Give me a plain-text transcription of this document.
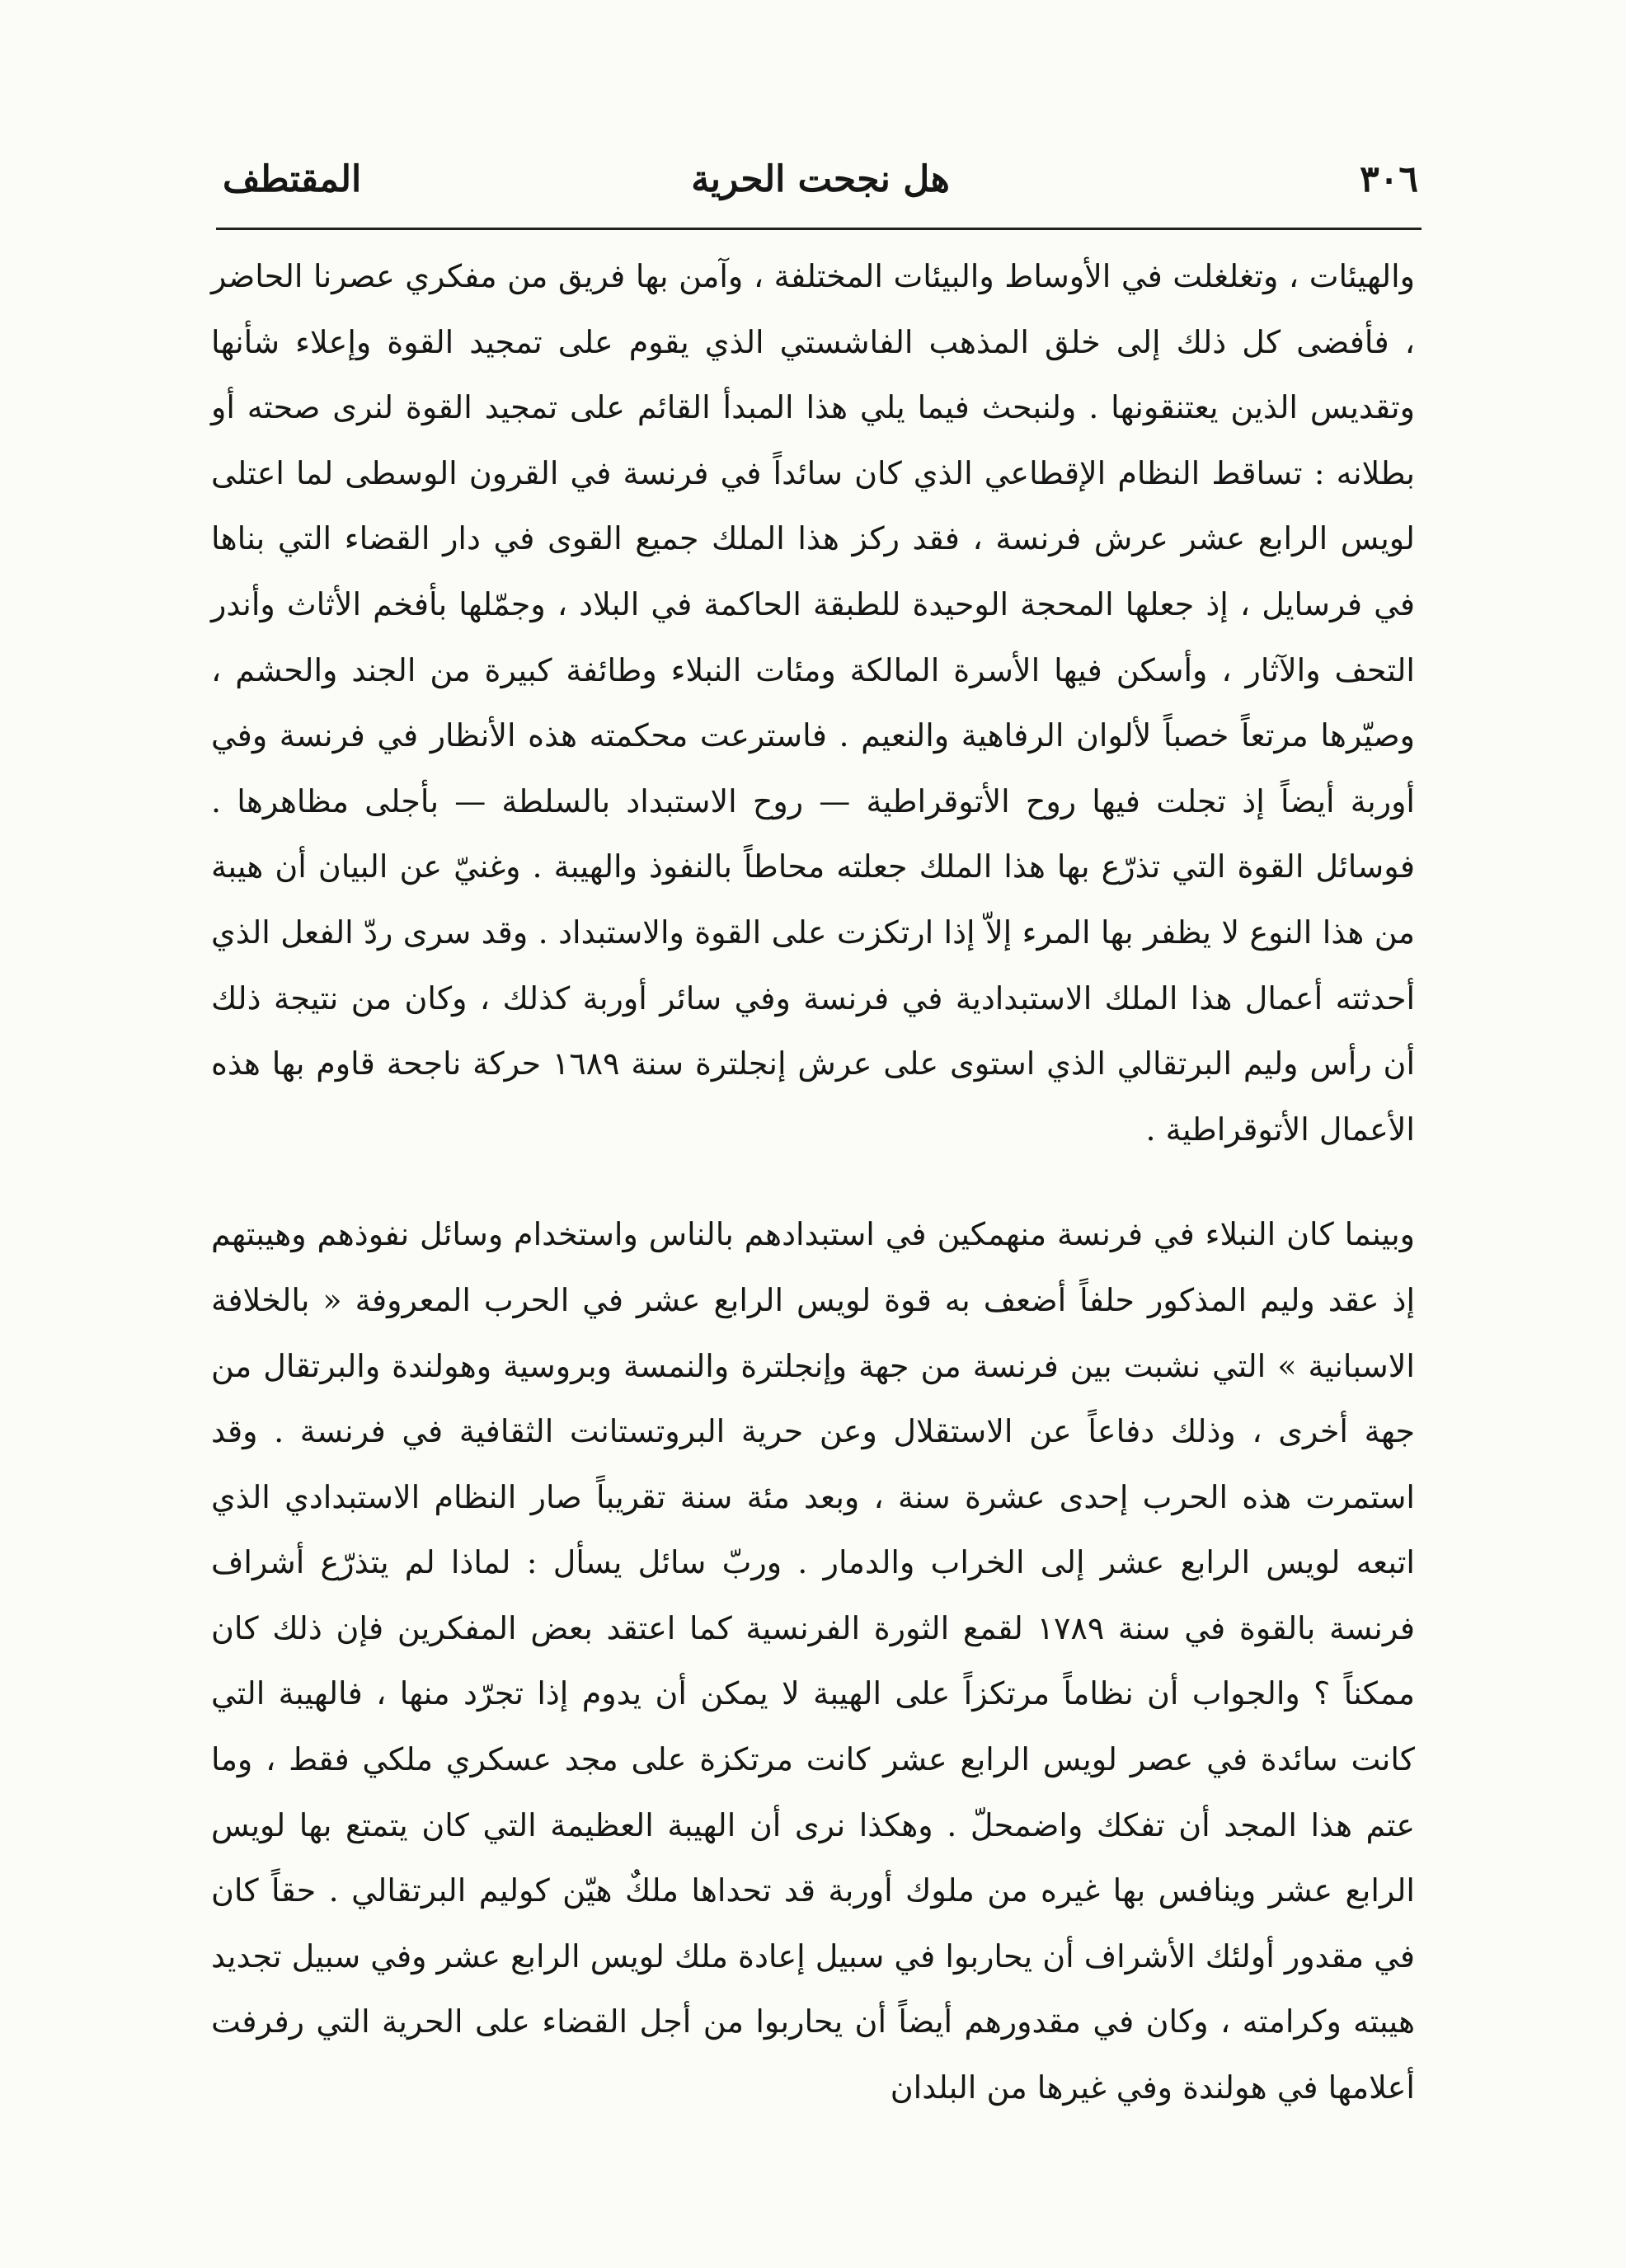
٣٠٦
هل نجحت الحرية
المقتطف

والهيئات ، وتغلغلت في الأوساط والبيئات المختلفة ، وآمن بها فريق من مفكري عصرنا الحاضر ، فأفضى كل ذلك إلى خلق المذهب الفاشستي الذي يقوم على تمجيد القوة وإعلاء شأنها وتقديس الذين يعتنقونها . ولنبحث فيما يلي هذا المبدأ القائم على تمجيد القوة لنرى صحته أو بطلانه : تساقط النظام الإقطاعي الذي كان سائداً في فرنسة في القرون الوسطى لما اعتلى لويس الرابع عشر عرش فرنسة ، فقد ركز هذا الملك جميع القوى في دار القضاء التي بناها في فرسايل ، إذ جعلها المحجة الوحيدة للطبقة الحاكمة في البلاد ، وجمّلها بأفخم الأثاث وأندر التحف والآثار ، وأسكن فيها الأسرة المالكة ومئات النبلاء وطائفة كبيرة من الجند والحشم ، وصيّرها مرتعاً خصباً لألوان الرفاهية والنعيم . فاسترعت محكمته هذه الأنظار في فرنسة وفي أوربة أيضاً إذ تجلت فيها روح الأتوقراطية — روح الاستبداد بالسلطة — بأجلى مظاهرها . فوسائل القوة التي تذرّع بها هذا الملك جعلته محاطاً بالنفوذ والهيبة . وغنيّ عن البيان أن هيبة من هذا النوع لا يظفر بها المرء إلاّ إذا ارتكزت على القوة والاستبداد . وقد سرى ردّ الفعل الذي أحدثته أعمال هذا الملك الاستبدادية في فرنسة وفي سائر أوربة كذلك ، وكان من نتيجة ذلك أن رأس وليم البرتقالي الذي استوى على عرش إنجلترة سنة ١٦٨٩ حركة ناجحة قاوم بها هذه الأعمال الأتوقراطية .

وبينما كان النبلاء في فرنسة منهمكين في استبدادهم بالناس واستخدام وسائل نفوذهم وهيبتهم إذ عقد وليم المذكور حلفاً أضعف به قوة لويس الرابع عشر في الحرب المعروفة « بالخلافة الاسبانية » التي نشبت بين فرنسة من جهة وإنجلترة والنمسة وبروسية وهولندة والبرتقال من جهة أخرى ، وذلك دفاعاً عن الاستقلال وعن حرية البروتستانت الثقافية في فرنسة . وقد استمرت هذه الحرب إحدى عشرة سنة ، وبعد مئة سنة تقريباً صار النظام الاستبدادي الذي اتبعه لويس الرابع عشر إلى الخراب والدمار . وربّ سائل يسأل : لماذا لم يتذرّع أشراف فرنسة بالقوة في سنة ١٧٨٩ لقمع الثورة الفرنسية كما اعتقد بعض المفكرين فإن ذلك كان ممكناً ؟ والجواب أن نظاماً مرتكزاً على الهيبة لا يمكن أن يدوم إذا تجرّد منها ، فالهيبة التي كانت سائدة في عصر لويس الرابع عشر كانت مرتكزة على مجد عسكري ملكي فقط ، وما عتم هذا المجد أن تفكك واضمحلّ . وهكذا نرى أن الهيبة العظيمة التي كان يتمتع بها لويس الرابع عشر وينافس بها غيره من ملوك أوربة قد تحداها ملكٌ هيّن كوليم البرتقالي . حقاً كان في مقدور أولئك الأشراف أن يحاربوا في سبيل إعادة ملك لويس الرابع عشر وفي سبيل تجديد هيبته وكرامته ، وكان في مقدورهم أيضاً أن يحاربوا من أجل القضاء على الحرية التي رفرفت أعلامها في هولندة وفي غيرها من البلدان
